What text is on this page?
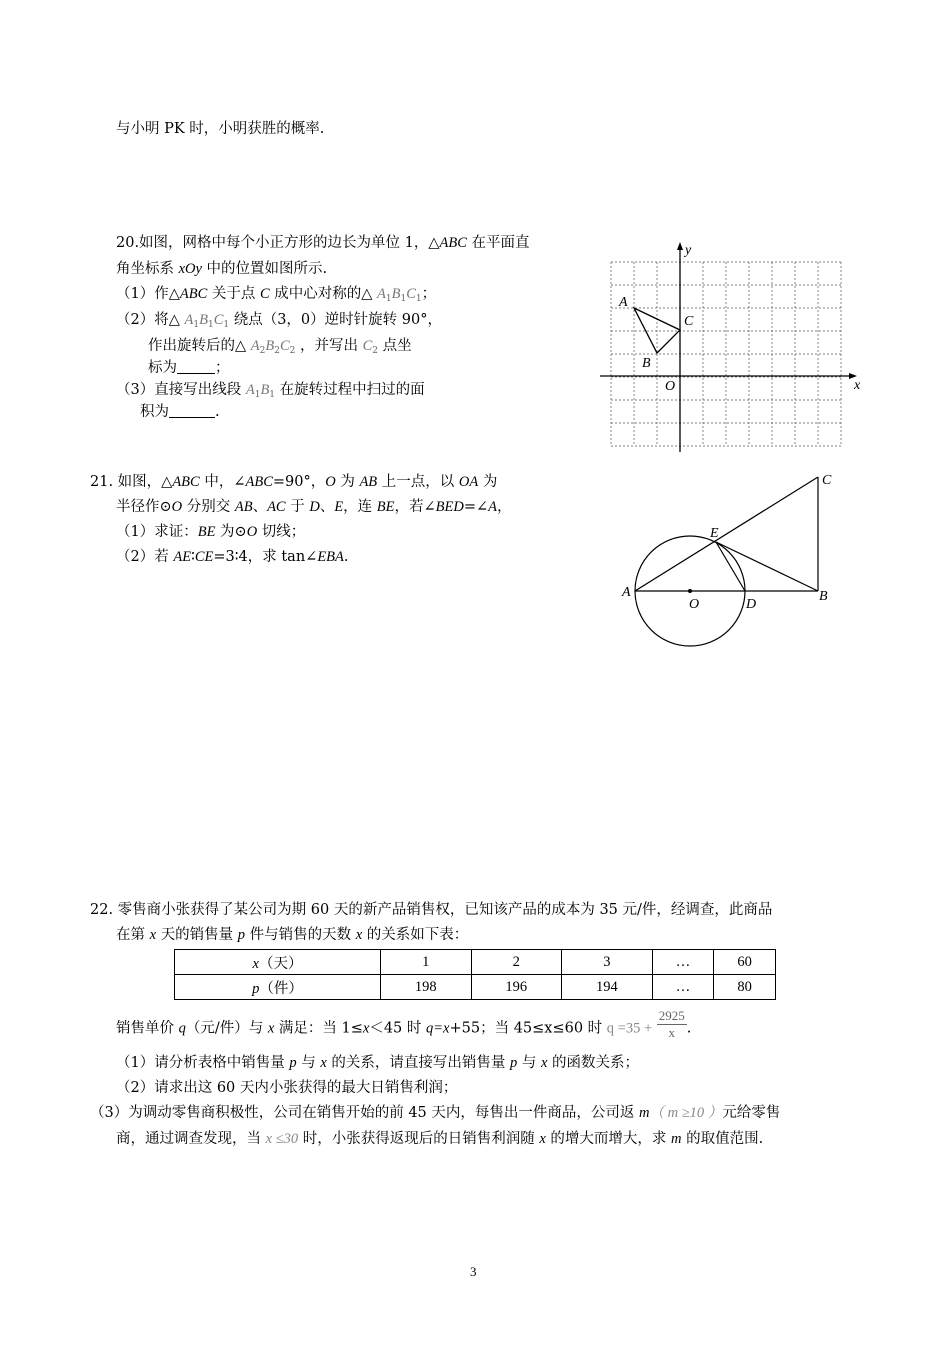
与小明 PK 时，小明获胜的概率.
20.如图，网格中每个小正方形的边长为单位 1，△ABC 在平面直
角坐标系 xOy 中的位置如图所示.
（1）作△ABC 关于点 C 成中心对称的△ $A_1B_1C_1$；
（2）将△ $A_1B_1C_1$ 绕点（3，0）逆时针旋转 90°，
作出旋转后的△ $A_2B_2C_2$ ，并写出 $C_2$ 点坐
标为	；
（3）直接写出线段 $A_1B_1$ 在旋转过程中扫过的面
积为	.
x
y
O
A
B
C
21. 如图，△ABC 中，∠ABC=90°，O 为 AB 上一点，以 OA 为
半径作⊙O 分别交 AB、AC 于 D、E，连 BE，若∠BED=∠A，
（1）求证：BE 为⊙O 切线；
（2）若 AE∶CE=3∶4，求 tan∠EBA.
A
O	D
B
C
E
22. 零售商小张获得了某公司为期 60 天的新产品销售权，已知该产品的成本为 35 元/件，经调查，此商品
在第 x 天的销售量 p 件与销售的天数 x 的关系如下表：
x（天）	1	2	3	…	60
p（件）	198	196	194	…	80
销售单价 q（元/件）与 x 满足：当 1≤x＜45 时 q=x+55；当 45≤x≤60 时 $q =35 + \frac{2925}{x}$ .
（1）请分析表格中销售量 p 与 x 的关系，请直接写出销售量 p 与 x 的函数关系；
（2）请求出这 60 天内小张获得的最大日销售利润；
（3）为调动零售商积极性，公司在销售开始的前 45 天内，每售出一件商品，公司返 m（ m ≥10 ）元给零售
商，通过调查发现，当 x ≤30 时，小张获得返现后的日销售利润随 x 的增大而增大，求 m 的取值范围.
3
